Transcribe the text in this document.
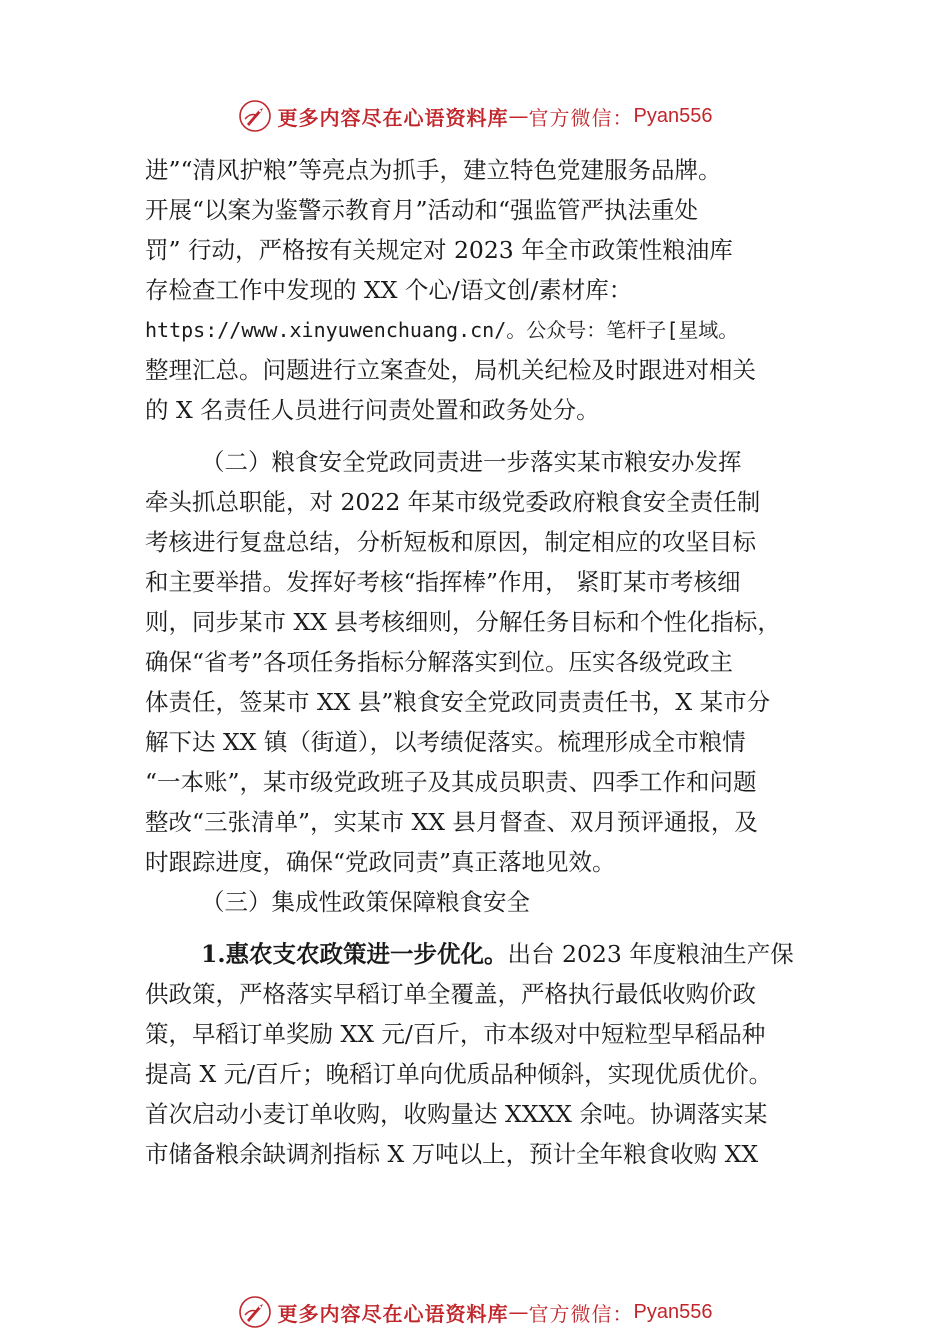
更多内容尽在心语资料库 — 官方微信： Pyan556
进”“清风护粮”等亮点为抓手，建立特色党建服务品牌。
开展“以案为鉴警示教育月”活动和“强监管严执法重处
罚” 行动，严格按有关规定对 2023 年全市政策性粮油库
存检查工作中发现的 XX 个心/语文创/素材库：
https://www.xinyuwenchuang.cn/。公众号：笔杆子[星域。
整理汇总。问题进行立案查处，局机关纪检及时跟进对相关
的 X 名责任人员进行问责处置和政务处分。
（二）粮食安全党政同责进一步落实某市粮安办发挥
牵头抓总职能，对 2022 年某市级党委政府粮食安全责任制
考核进行复盘总结，分析短板和原因，制定相应的攻坚目标
和主要举措。发挥好考核“指挥棒”作用， 紧盯某市考核细
则，同步某市 XX 县考核细则，分解任务目标和个性化指标，
确保“省考”各项任务指标分解落实到位。压实各级党政主
体责任，签某市 XX 县”粮食安全党政同责责任书，X 某市分
解下达 XX 镇（街道），以考绩促落实。梳理形成全市粮情
“一本账”，某市级党政班子及其成员职责、四季工作和问题
整改“三张清单”，实某市 XX 县月督查、双月预评通报，及
时跟踪进度，确保“党政同责”真正落地见效。
（三）集成性政策保障粮食安全
1.惠农支农政策进一步优化。出台 2023 年度粮油生产保
供政策，严格落实早稻订单全覆盖，严格执行最低收购价政
策，早稻订单奖励 XX 元/百斤，市本级对中短粒型早稻品种
提高 X 元/百斤；晚稻订单向优质品种倾斜，实现优质优价。
首次启动小麦订单收购，收购量达 XXXX 余吨。协调落实某
市储备粮余缺调剂指标 X 万吨以上，预计全年粮食收购 XX
更多内容尽在心语资料库 — 官方微信： Pyan556
